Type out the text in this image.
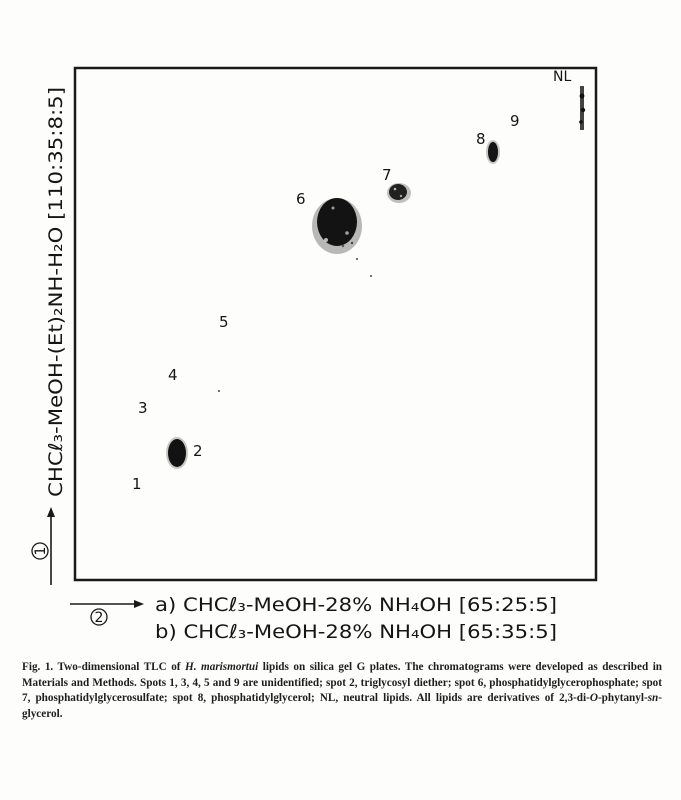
1
2
3
4
5
6
7
8
9
NL
1
CHCℓ₃-MeOH-(Et)₂NH-H₂O [110:35:8:5]
2
a) CHCℓ₃-MeOH-28% NH₄OH [65:25:5]
b) CHCℓ₃-MeOH-28% NH₄OH [65:35:5]

Fig. 1. Two-dimensional TLC of H. marismortui lipids on silica gel G plates. The chromatograms were developed as described in Materials and Methods. Spots 1, 3, 4, 5 and 9 are unidentified; spot 2, triglycosyl diether; spot 6, phosphatidylglycerophosphate; spot 7, phosphatidylglycerosulfate; spot 8, phosphatidylglycerol; NL, neutral lipids. All lipids are derivatives of 2,3-di-O-phytanyl-sn-glycerol.
